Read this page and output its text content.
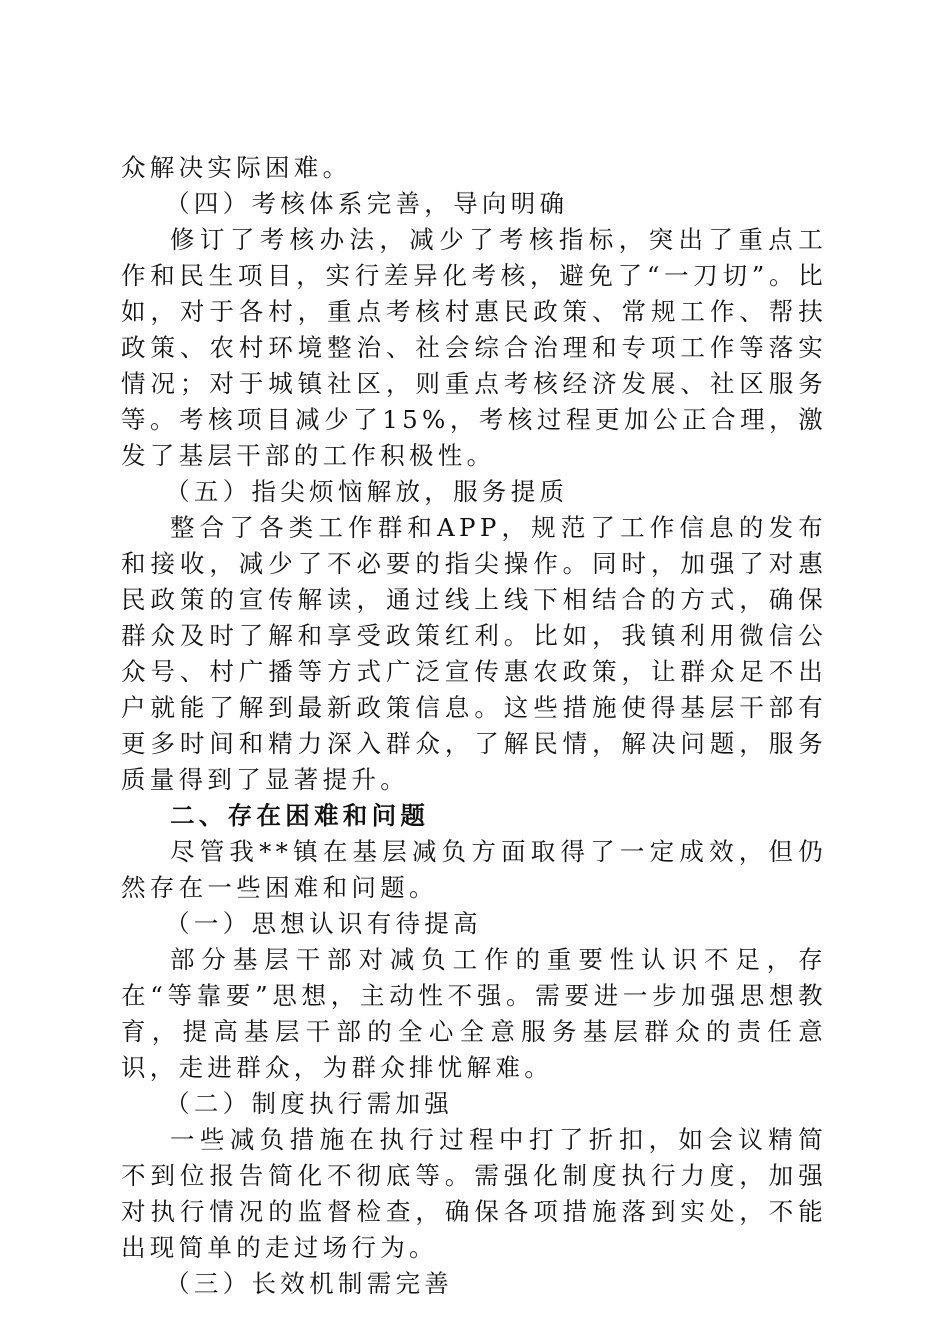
众解决实际困难。

（四）考核体系完善，导向明确

修订了考核办法，减少了考核指标，突出了重点工作和民生项目，实行差异化考核，避免了“一刀切”。比如，对于各村，重点考核村惠民政策、常规工作、帮扶政策、农村环境整治、社会综合治理和专项工作等落实情况；对于城镇社区，则重点考核经济发展、社区服务等。考核项目减少了15%，考核过程更加公正合理，激发了基层干部的工作积极性。

（五）指尖烦恼解放，服务提质

整合了各类工作群和APP，规范了工作信息的发布和接收，减少了不必要的指尖操作。同时，加强了对惠民政策的宣传解读，通过线上线下相结合的方式，确保群众及时了解和享受政策红利。比如，我镇利用微信公众号、村广播等方式广泛宣传惠农政策，让群众足不出户就能了解到最新政策信息。这些措施使得基层干部有更多时间和精力深入群众，了解民情，解决问题，服务质量得到了显著提升。

二、存在困难和问题

尽管我**镇在基层减负方面取得了一定成效，但仍然存在一些困难和问题。

（一）思想认识有待提高

部分基层干部对减负工作的重要性认识不足，存在“等靠要”思想，主动性不强。需要进一步加强思想教育，提高基层干部的全心全意服务基层群众的责任意识，走进群众，为群众排忧解难。

（二）制度执行需加强

一些减负措施在执行过程中打了折扣，如会议精简不到位报告简化不彻底等。需强化制度执行力度，加强对执行情况的监督检查，确保各项措施落到实处，不能出现简单的走过场行为。

（三）长效机制需完善
